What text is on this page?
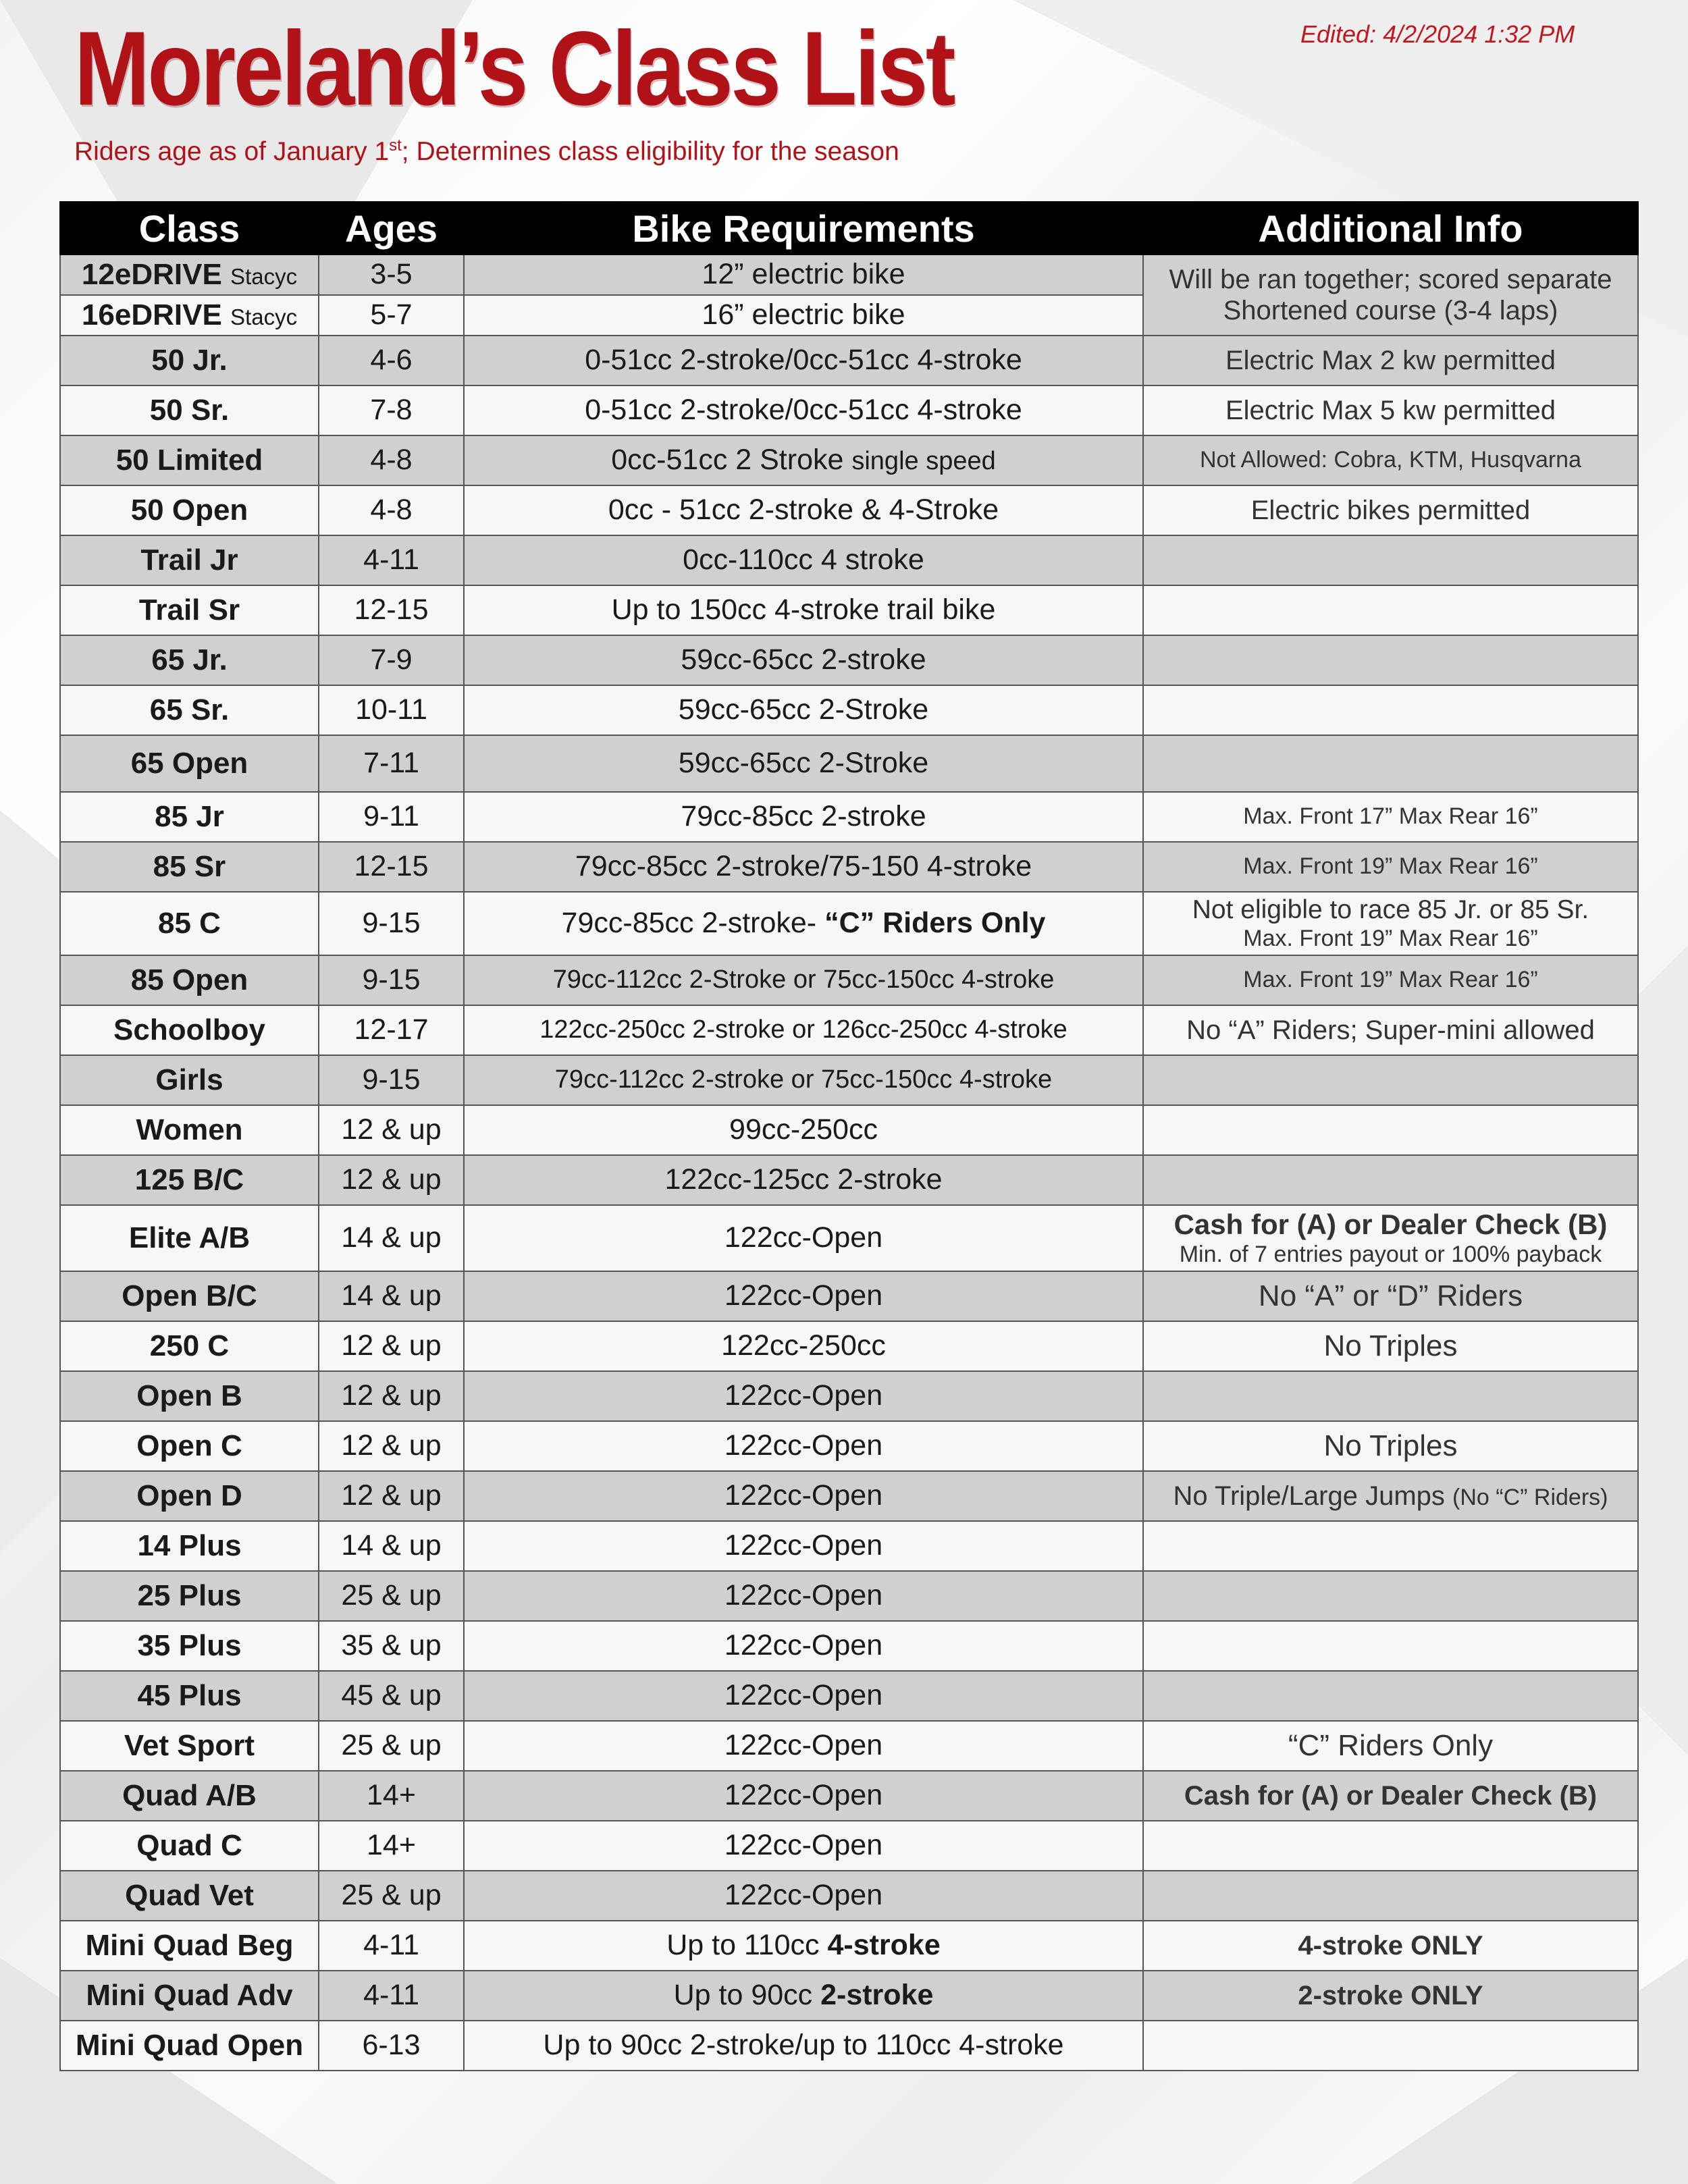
Edited: 4/2/2024 1:32 PM
Moreland’s Class List
Riders age as of January 1st; Determines class eligibility for the season
Class	Ages	Bike Requirements	Additional Info
12eDRIVE Stacyc	3-5	12” electric bike	Will be ran together; scored separate
Shortened course (3-4 laps)

16eDRIVE Stacyc	5-7	16” electric bike	
50 Jr.	4-6	0-51cc 2-stroke/0cc-51cc 4-stroke	Electric Max 2 kw permitted
50 Sr.	7-8	0-51cc 2-stroke/0cc-51cc 4-stroke	Electric Max 5 kw permitted
50 Limited	4-8	0cc-51cc 2 Stroke single speed	Not Allowed: Cobra, KTM, Husqvarna
50 Open	4-8	0cc - 51cc 2-stroke & 4-Stroke	Electric bikes permitted
Trail Jr	4-11	0cc-110cc 4 stroke	
Trail Sr	12-15	Up to 150cc 4-stroke trail bike	
65 Jr.	7-9	59cc-65cc 2-stroke	
65 Sr.	10-11	59cc-65cc 2-Stroke	
65 Open	7-11	59cc-65cc 2-Stroke	
85 Jr	9-11	79cc-85cc 2-stroke	Max. Front 17” Max Rear 16”
85 Sr	12-15	79cc-85cc 2-stroke/75-150 4-stroke	Max. Front 19” Max Rear 16”
85 C	9-15	79cc-85cc 2-stroke- “C” Riders Only	Not eligible to race 85 Jr. or 85 Sr.
Max. Front 19” Max Rear 16”

85 Open	9-15	79cc-112cc 2-Stroke or 75cc-150cc 4-stroke	Max. Front 19” Max Rear 16”
Schoolboy	12-17	122cc-250cc 2-stroke or 126cc-250cc 4-stroke	No “A” Riders; Super-mini allowed
Girls	9-15	79cc-112cc 2-stroke or 75cc-150cc 4-stroke	
Women	12 & up	99cc-250cc	
125 B/C	12 & up	122cc-125cc 2-stroke	
Elite A/B	14 & up	122cc-Open	Cash for (A) or Dealer Check (B)
Min. of 7 entries payout or 100% payback

Open B/C	14 & up	122cc-Open	No “A” or “D” Riders
250 C	12 & up	122cc-250cc	No Triples
Open B	12 & up	122cc-Open	
Open C	12 & up	122cc-Open	No Triples
Open D	12 & up	122cc-Open	No Triple/Large Jumps (No “C” Riders)
14 Plus	14 & up	122cc-Open	
25 Plus	25 & up	122cc-Open	
35 Plus	35 & up	122cc-Open	
45 Plus	45 & up	122cc-Open	
Vet Sport	25 & up	122cc-Open	“C” Riders Only
Quad A/B	14+	122cc-Open	Cash for (A) or Dealer Check (B)
Quad C	14+	122cc-Open	
Quad Vet	25 & up	122cc-Open	
Mini Quad Beg	4-11	Up to 110cc 4-stroke	4-stroke ONLY
Mini Quad Adv	4-11	Up to 90cc 2-stroke	2-stroke ONLY
Mini Quad Open	6-13	Up to 90cc 2-stroke/up to 110cc 4-stroke	
